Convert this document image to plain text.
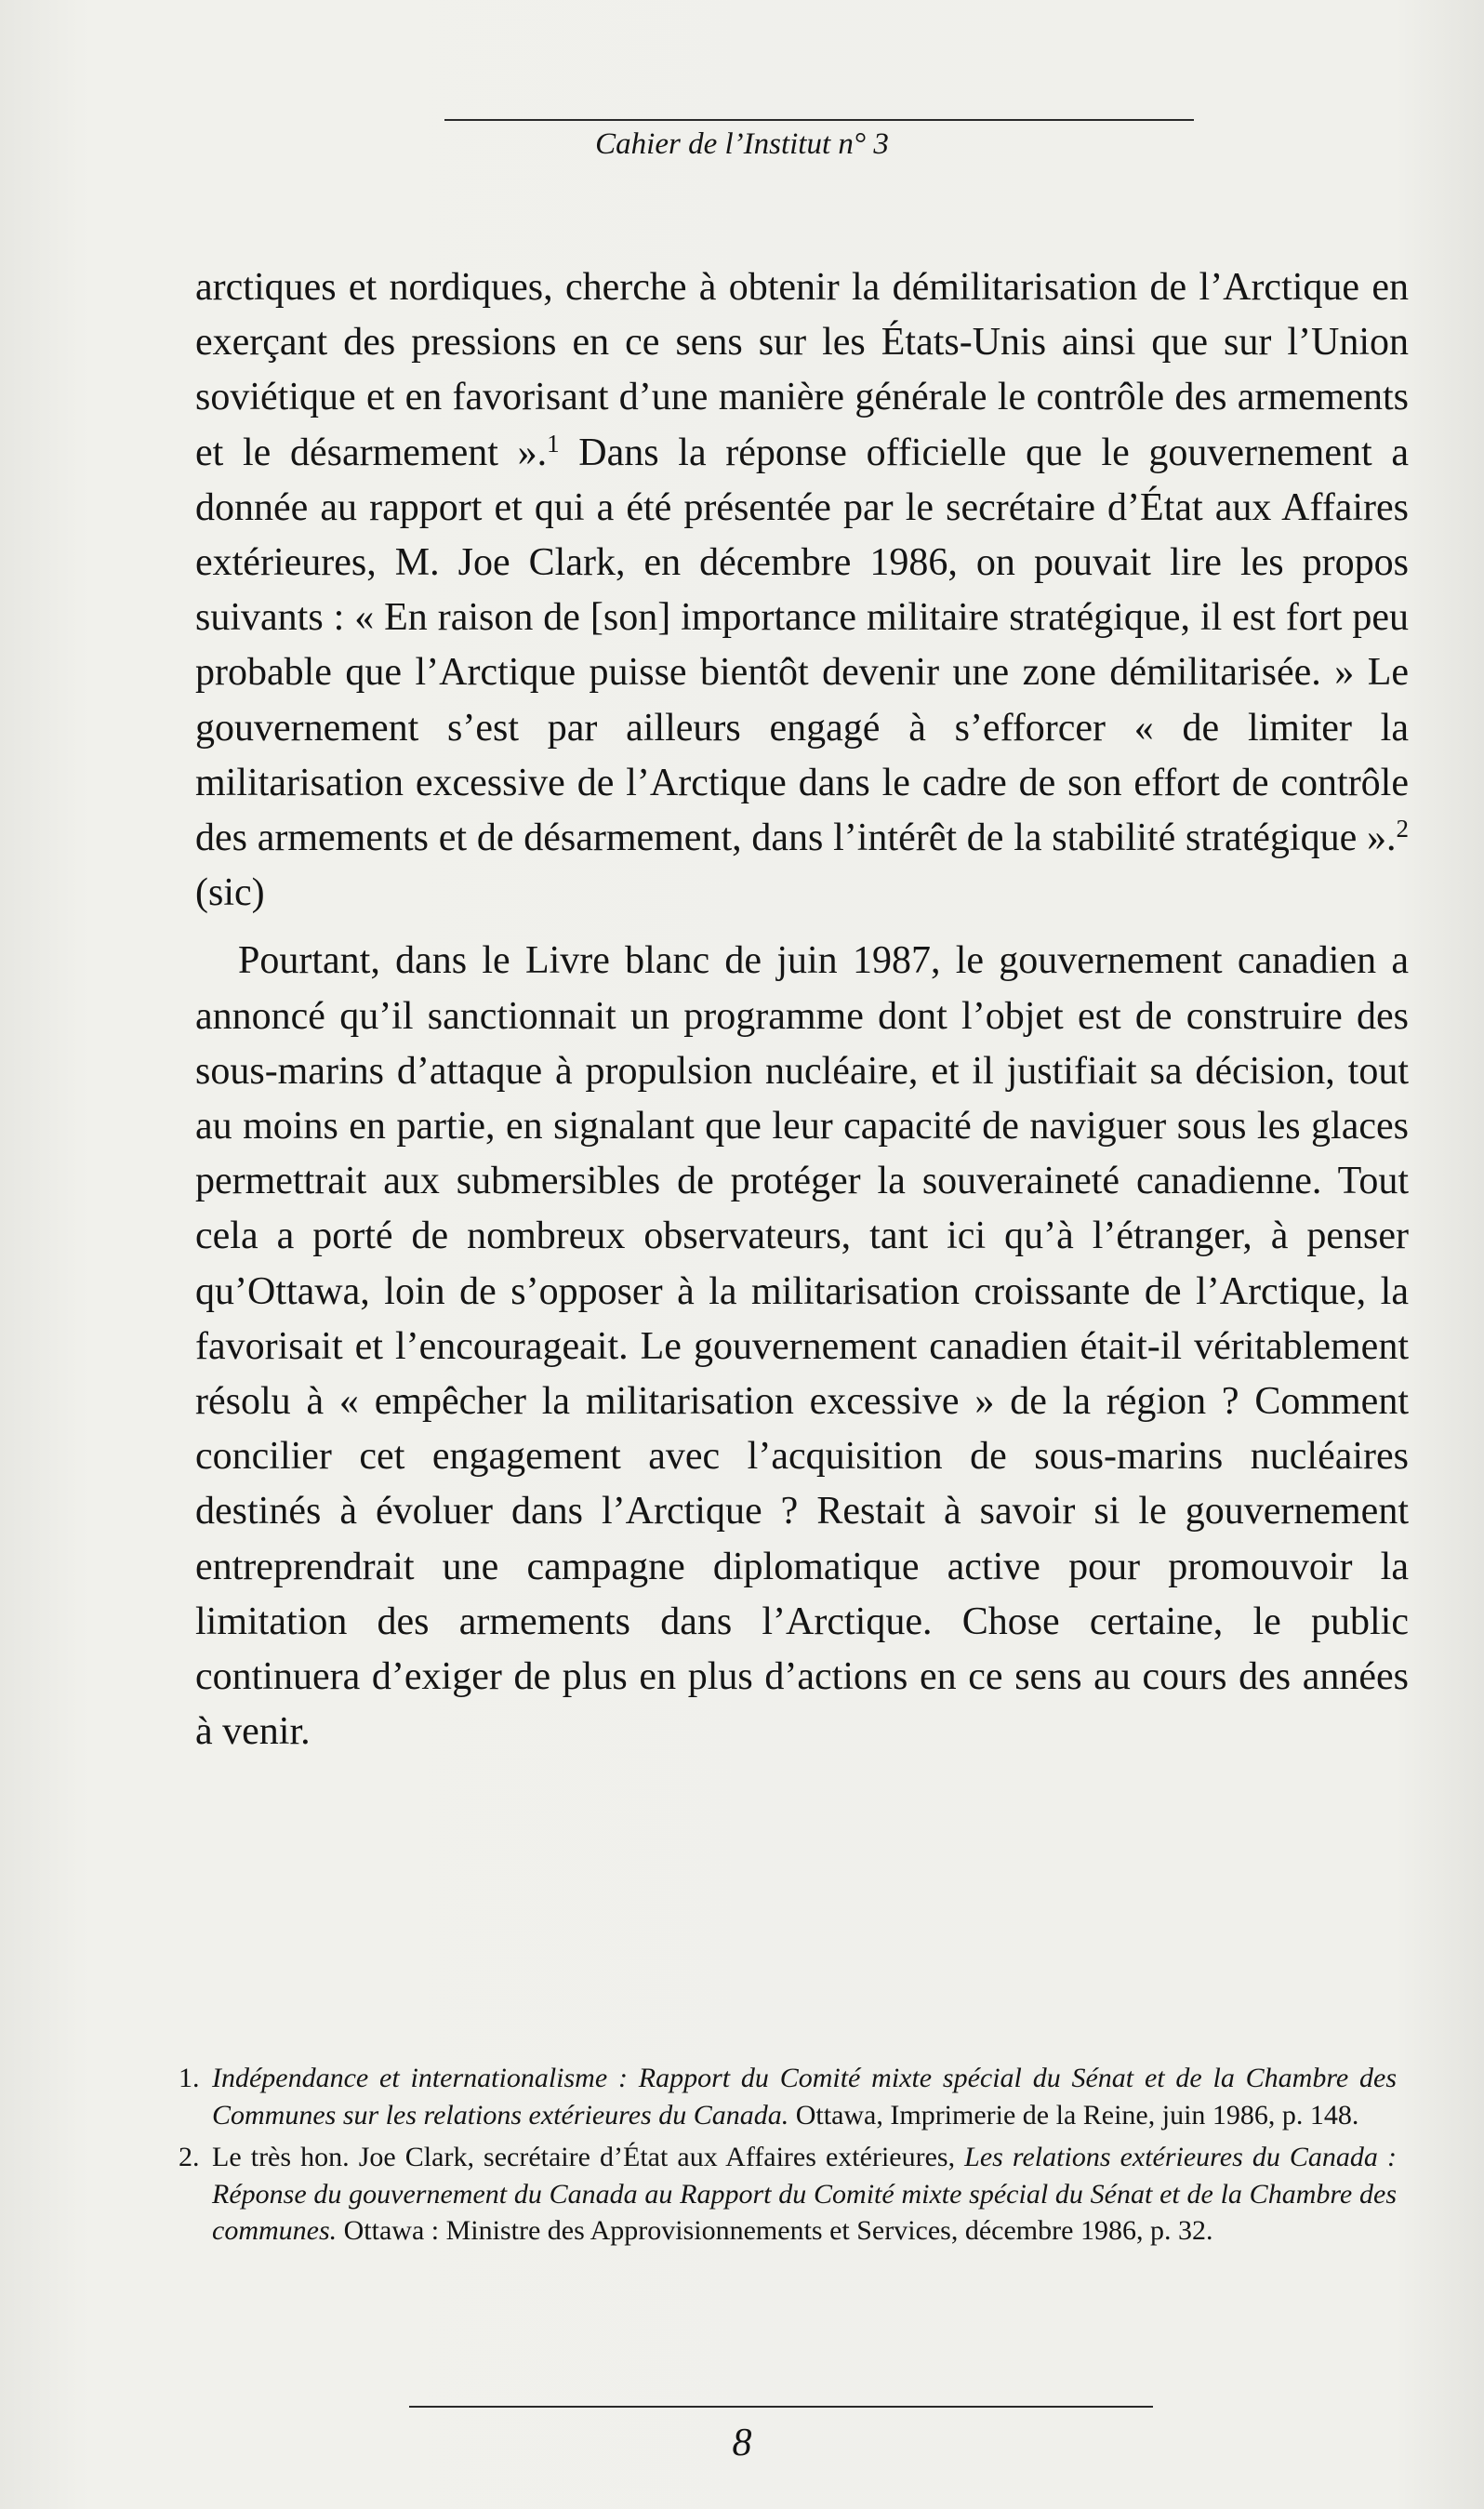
Cahier de l’Institut n° 3

arctiques et nordiques, cherche à obtenir la démilitarisation de l’Arctique en exerçant des pressions en ce sens sur les États-Unis ainsi que sur l’Union soviétique et en favorisant d’une manière générale le contrôle des armements et le désarmement ».$^1$ Dans la réponse officielle que le gouvernement a donnée au rapport et qui a été présentée par le secrétaire d’État aux Affaires extérieures, M. Joe Clark, en décembre 1986, on pouvait lire les propos suivants : « En raison de [son] importance militaire stratégique, il est fort peu probable que l’Arctique puisse bientôt devenir une zone démilitarisée. » Le gouvernement s’est par ailleurs engagé à s’efforcer « de limiter la militarisation excessive de l’Arctique dans le cadre de son effort de contrôle des armements et de désarmement, dans l’intérêt de la stabilité stratégique ».$^2$ (sic)

Pourtant, dans le Livre blanc de juin 1987, le gouvernement canadien a annoncé qu’il sanctionnait un programme dont l’objet est de construire des sous-marins d’attaque à propulsion nucléaire, et il justifiait sa décision, tout au moins en partie, en signalant que leur capacité de naviguer sous les glaces permettrait aux submersibles de protéger la souveraineté canadienne. Tout cela a porté de nombreux observateurs, tant ici qu’à l’étranger, à penser qu’Ottawa, loin de s’opposer à la militarisation croissante de l’Arctique, la favorisait et l’encourageait. Le gouvernement canadien était-il véritablement résolu à « empêcher la militarisation excessive » de la région ? Comment concilier cet engagement avec l’acquisition de sous-marins nucléaires destinés à évoluer dans l’Arctique ? Restait à savoir si le gouvernement entreprendrait une campagne diplomatique active pour promouvoir la limitation des armements dans l’Arctique. Chose certaine, le public continuera d’exiger de plus en plus d’actions en ce sens au cours des années à venir.

1. Indépendance et internationalisme : Rapport du Comité mixte spécial du Sénat et de la Chambre des Communes sur les relations extérieures du Canada. Ottawa, Imprimerie de la Reine, juin 1986, p. 148.
2. Le très hon. Joe Clark, secrétaire d’État aux Affaires extérieures, Les relations extérieures du Canada : Réponse du gouvernement du Canada au Rapport du Comité mixte spécial du Sénat et de la Chambre des communes. Ottawa : Ministre des Approvisionnements et Services, décembre 1986, p. 32.
8
